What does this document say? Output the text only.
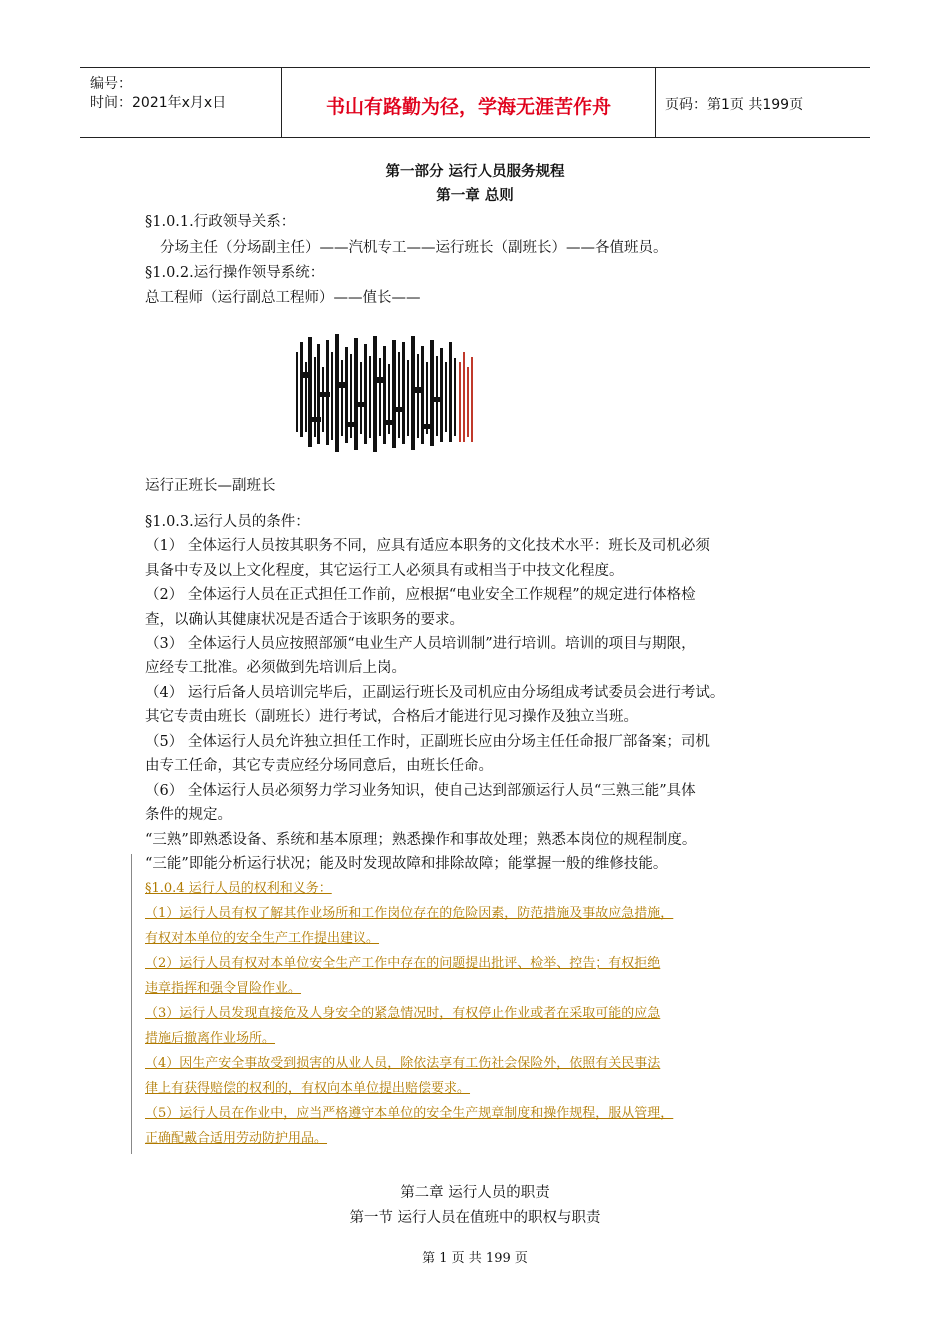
编号：
时间：2021年x月x日	书山有路勤为径，学海无涯苦作舟	页码：第1页 共199页
第一部分 运行人员服务规程
第一章 总则
§1.0.1.行政领导关系：
分场主任（分场副主任）——汽机专工——运行班长（副班长）——各值班员。
§1.0.2.运行操作领导系统：
总工程师（运行副总工程师）——值长——
运行正班长—副班长
§1.0.3.运行人员的条件：
（1） 全体运行人员按其职务不同，应具有适应本职务的文化技术水平：班长及司机必须
具备中专及以上文化程度，其它运行工人必须具有或相当于中技文化程度。
（2） 全体运行人员在正式担任工作前，应根据“电业安全工作规程”的规定进行体格检
查，以确认其健康状况是否适合于该职务的要求。
（3） 全体运行人员应按照部颁“电业生产人员培训制”进行培训。培训的项目与期限，
应经专工批准。必须做到先培训后上岗。
（4） 运行后备人员培训完毕后，正副运行班长及司机应由分场组成考试委员会进行考试。
其它专责由班长（副班长）进行考试，合格后才能进行见习操作及独立当班。
（5） 全体运行人员允许独立担任工作时，正副班长应由分场主任任命报厂部备案；司机
由专工任命，其它专责应经分场同意后，由班长任命。
（6） 全体运行人员必须努力学习业务知识，使自己达到部颁运行人员“三熟三能”具体
条件的规定。
“三熟”即熟悉设备、系统和基本原理；熟悉操作和事故处理；熟悉本岗位的规程制度。
“三能”即能分析运行状况；能及时发现故障和排除故障；能掌握一般的维修技能。
§1.0.4 运行人员的权利和义务：
（1）运行人员有权了解其作业场所和工作岗位存在的危险因素，防范措施及事故应急措施，
有权对本单位的安全生产工作提出建议。
（2）运行人员有权对本单位安全生产工作中存在的问题提出批评、检举、控告；有权拒绝
违章指挥和强令冒险作业。
（3）运行人员发现直接危及人身安全的紧急情况时，有权停止作业或者在采取可能的应急
措施后撤离作业场所。
（4）因生产安全事故受到损害的从业人员，除依法享有工伤社会保险外，依照有关民事法
律上有获得赔偿的权利的，有权向本单位提出赔偿要求。
（5）运行人员在作业中，应当严格遵守本单位的安全生产规章制度和操作规程，服从管理，
正确配戴合适用劳动防护用品。
第二章 运行人员的职责
第一节 运行人员在值班中的职权与职责
第 1 页 共 199 页
